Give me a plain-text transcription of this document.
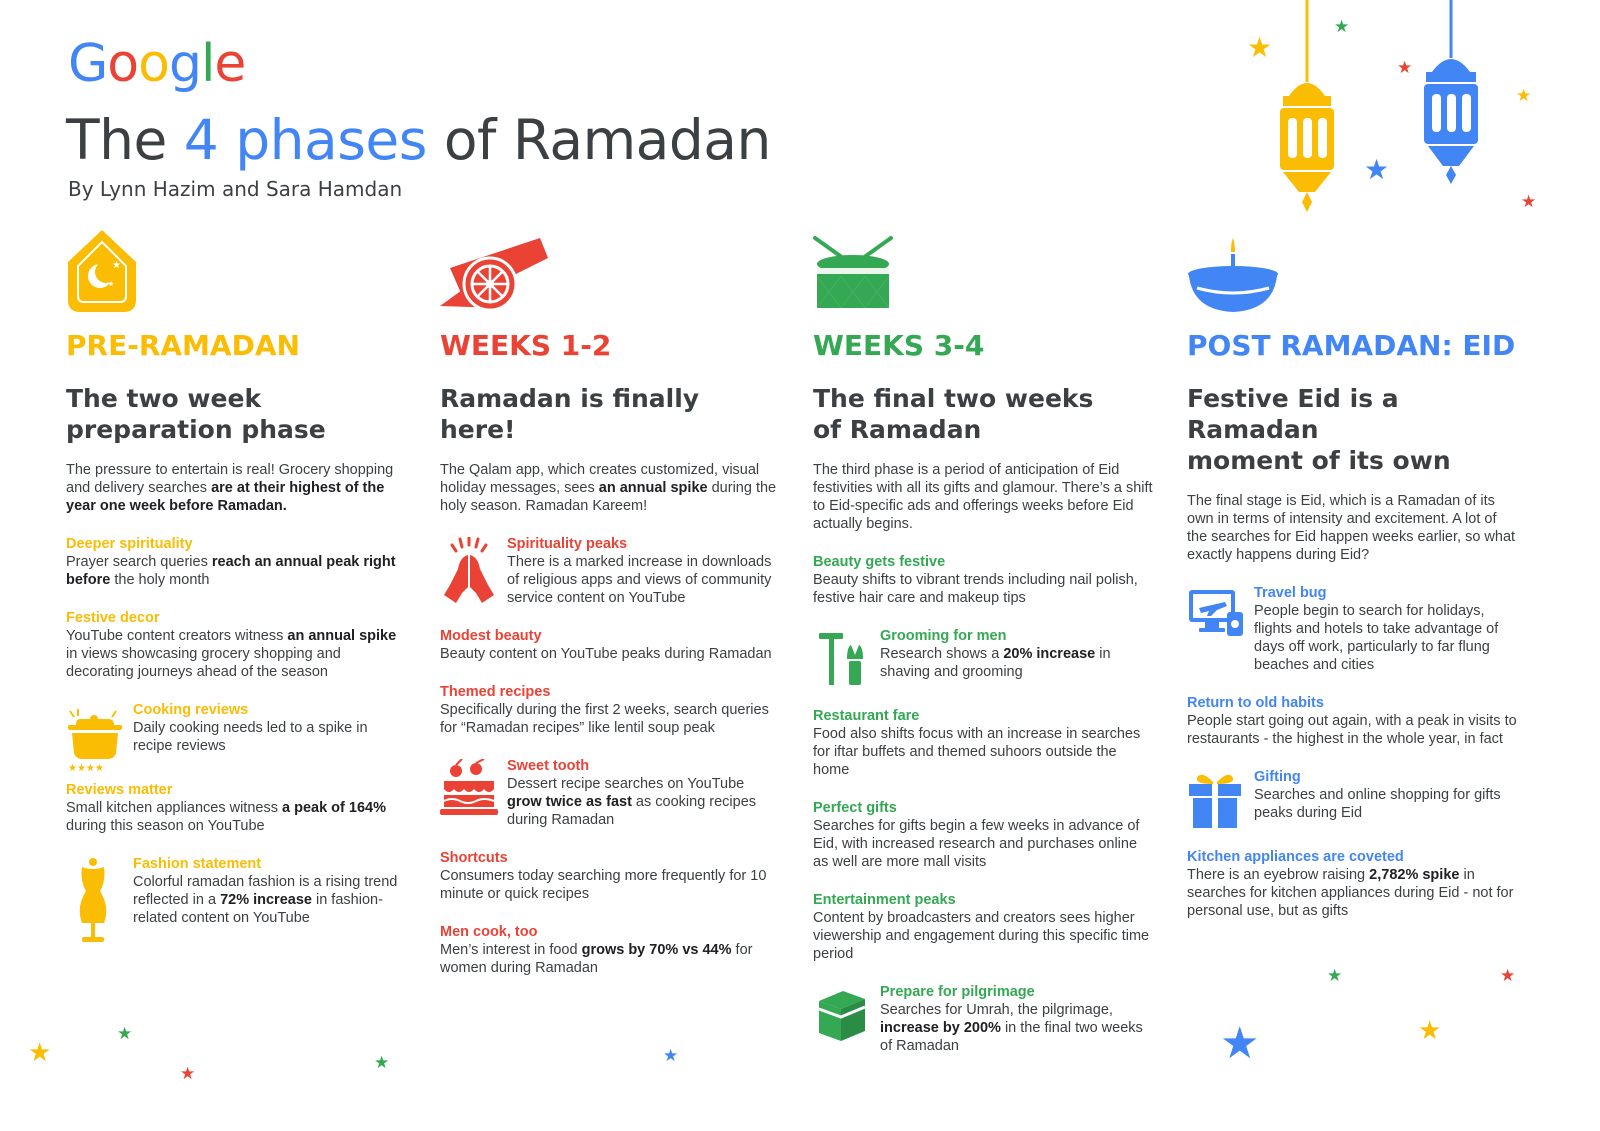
Google
The 4 phases of Ramadan
By Lynn Hazim and Sara Hamdan
★
★
★
★
★
★
★
★
★
★	★
★	★
★
★
★
★
PRE-RAMADAN
The two week
preparation phase
The pressure to entertain is real! Grocery shopping and delivery searches are at their highest of the year one week before Ramadan.
Deeper spirituality
Prayer search queries reach an annual peak right before the holy month
Festive decor
YouTube content creators witness an annual spike in views showcasing grocery shopping and decorating journeys ahead of the season
★★★★
Cooking reviews
Daily cooking needs led to a spike in recipe reviews
Reviews matter
Small kitchen appliances witness a peak of 164% during this season on YouTube
Fashion statement
Colorful ramadan fashion is a rising trend reflected in a 72% increase in fashion-related content on YouTube
WEEKS 1-2
Ramadan is finally here!
The Qalam app, which creates customized, visual holiday messages, sees an annual spike during the holy season. Ramadan Kareem!
Spirituality peaks
There is a marked increase in downloads of religious apps and views of community service content on YouTube
Modest beauty
Beauty content on YouTube peaks during Ramadan
Themed recipes
Specifically during the first 2 weeks, search queries for “Ramadan recipes” like lentil soup peak
Sweet tooth
Dessert recipe searches on YouTube grow twice as fast as cooking recipes during Ramadan
Shortcuts
Consumers today searching more frequently for 10 minute or quick recipes
Men cook, too
Men’s interest in food grows by 70% vs 44% for women during Ramadan
WEEKS 3-4
The final two weeks
of Ramadan
The third phase is a period of anticipation of Eid festivities with all its gifts and glamour. There’s a shift to Eid-specific ads and offerings weeks before Eid actually begins.
Beauty gets festive
Beauty shifts to vibrant trends including nail polish, festive hair care and makeup tips
Grooming for men
Research shows a 20% increase in shaving and grooming
Restaurant fare
Food also shifts focus with an increase in searches for iftar buffets and themed suhoors outside the home
Perfect gifts
Searches for gifts begin a few weeks in advance of Eid, with increased research and purchases online as well are more mall visits
Entertainment peaks
Content by broadcasters and creators sees higher viewership and engagement during this specific time period
Prepare for pilgrimage
Searches for Umrah, the pilgrimage, increase by 200% in the final two weeks of Ramadan
POST RAMADAN: EID
Festive Eid is a Ramadan
moment of its own
The final stage is Eid, which is a Ramadan of its own in terms of intensity and excitement. A lot of the searches for Eid happen weeks earlier, so what exactly happens during Eid?
Travel bug
People begin to search for holidays, flights and hotels to take advantage of days off work, particularly to far flung beaches and cities
Return to old habits
People start going out again, with a peak in visits to restaurants - the highest in the whole year, in fact
Gifting
Searches and online shopping for gifts peaks during Eid
Kitchen appliances are coveted
There is an eyebrow raising 2,782% spike in searches for kitchen appliances during Eid - not for personal use, but as gifts
